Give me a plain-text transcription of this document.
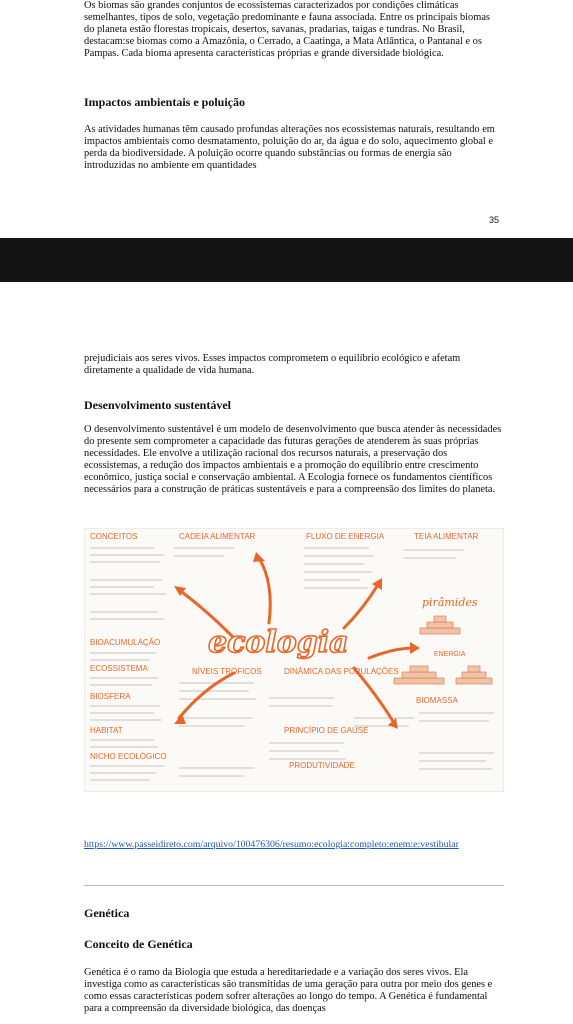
Os biomas são grandes conjuntos de ecossistemas caracterizados por condições climáticas semelhantes, tipos de solo, vegetação predominante e fauna associada. Entre os principais biomas do planeta estão florestas tropicais, desertos, savanas, pradarias, taigas e tundras. No Brasil, destacam:se biomas como a Amazônia, o Cerrado, a Caatinga, a Mata Atlântica, o Pantanal e os Pampas. Cada bioma apresenta características próprias e grande diversidade biológica.

Impactos ambientais e poluição

As atividades humanas têm causado profundas alterações nos ecossistemas naturais, resultando em impactos ambientais como desmatamento, poluição do ar, da água e do solo, aquecimento global e perda da biodiversidade. A poluição ocorre quando substâncias ou formas de energia são introduzidas no ambiente em quantidades

35

prejudiciais aos seres vivos. Esses impactos comprometem o equilíbrio ecológico e afetam diretamente a qualidade de vida humana.

Desenvolvimento sustentável

O desenvolvimento sustentável é um modelo de desenvolvimento que busca atender às necessidades do presente sem comprometer a capacidade das futuras gerações de atenderem às suas próprias necessidades. Ele envolve a utilização racional dos recursos naturais, a preservação dos ecossistemas, a redução dos impactos ambientais e a promoção do equilíbrio entre crescimento econômico, justiça social e conservação ambiental. A Ecologia fornece os fundamentos científicos necessários para a construção de práticas sustentáveis e para a compreensão dos limites do planeta.

CONCEITOS	CADEIA ALIMENTAR	FLUXO DE ENERGIA	TEIA ALIMENTAR
pirâmides
BIOACUMULAÇÃO
ECOSSISTEMA
BIOSFERA
HABITAT
NICHO ECOLÓGICO
NÍVEIS TRÓFICOS	DINÂMICA DAS POPULAÇÕES
BIOMASSA
PRINCÍPIO DE GAUSE
PRODUTIVIDADE
ENERGIA
ecologia

https://www.passeidireto.com/arquivo/100476306/resumo:ecologia:completo:enem:e:vestibular

Genética
Conceito de Genética

Genética é o ramo da Biologia que estuda a hereditariedade e a variação dos seres vivos. Ela investiga como as características são transmitidas de uma geração para outra por meio dos genes e como essas características podem sofrer alterações ao longo do tempo. A Genética é fundamental para a compreensão da diversidade biológica, das doenças
